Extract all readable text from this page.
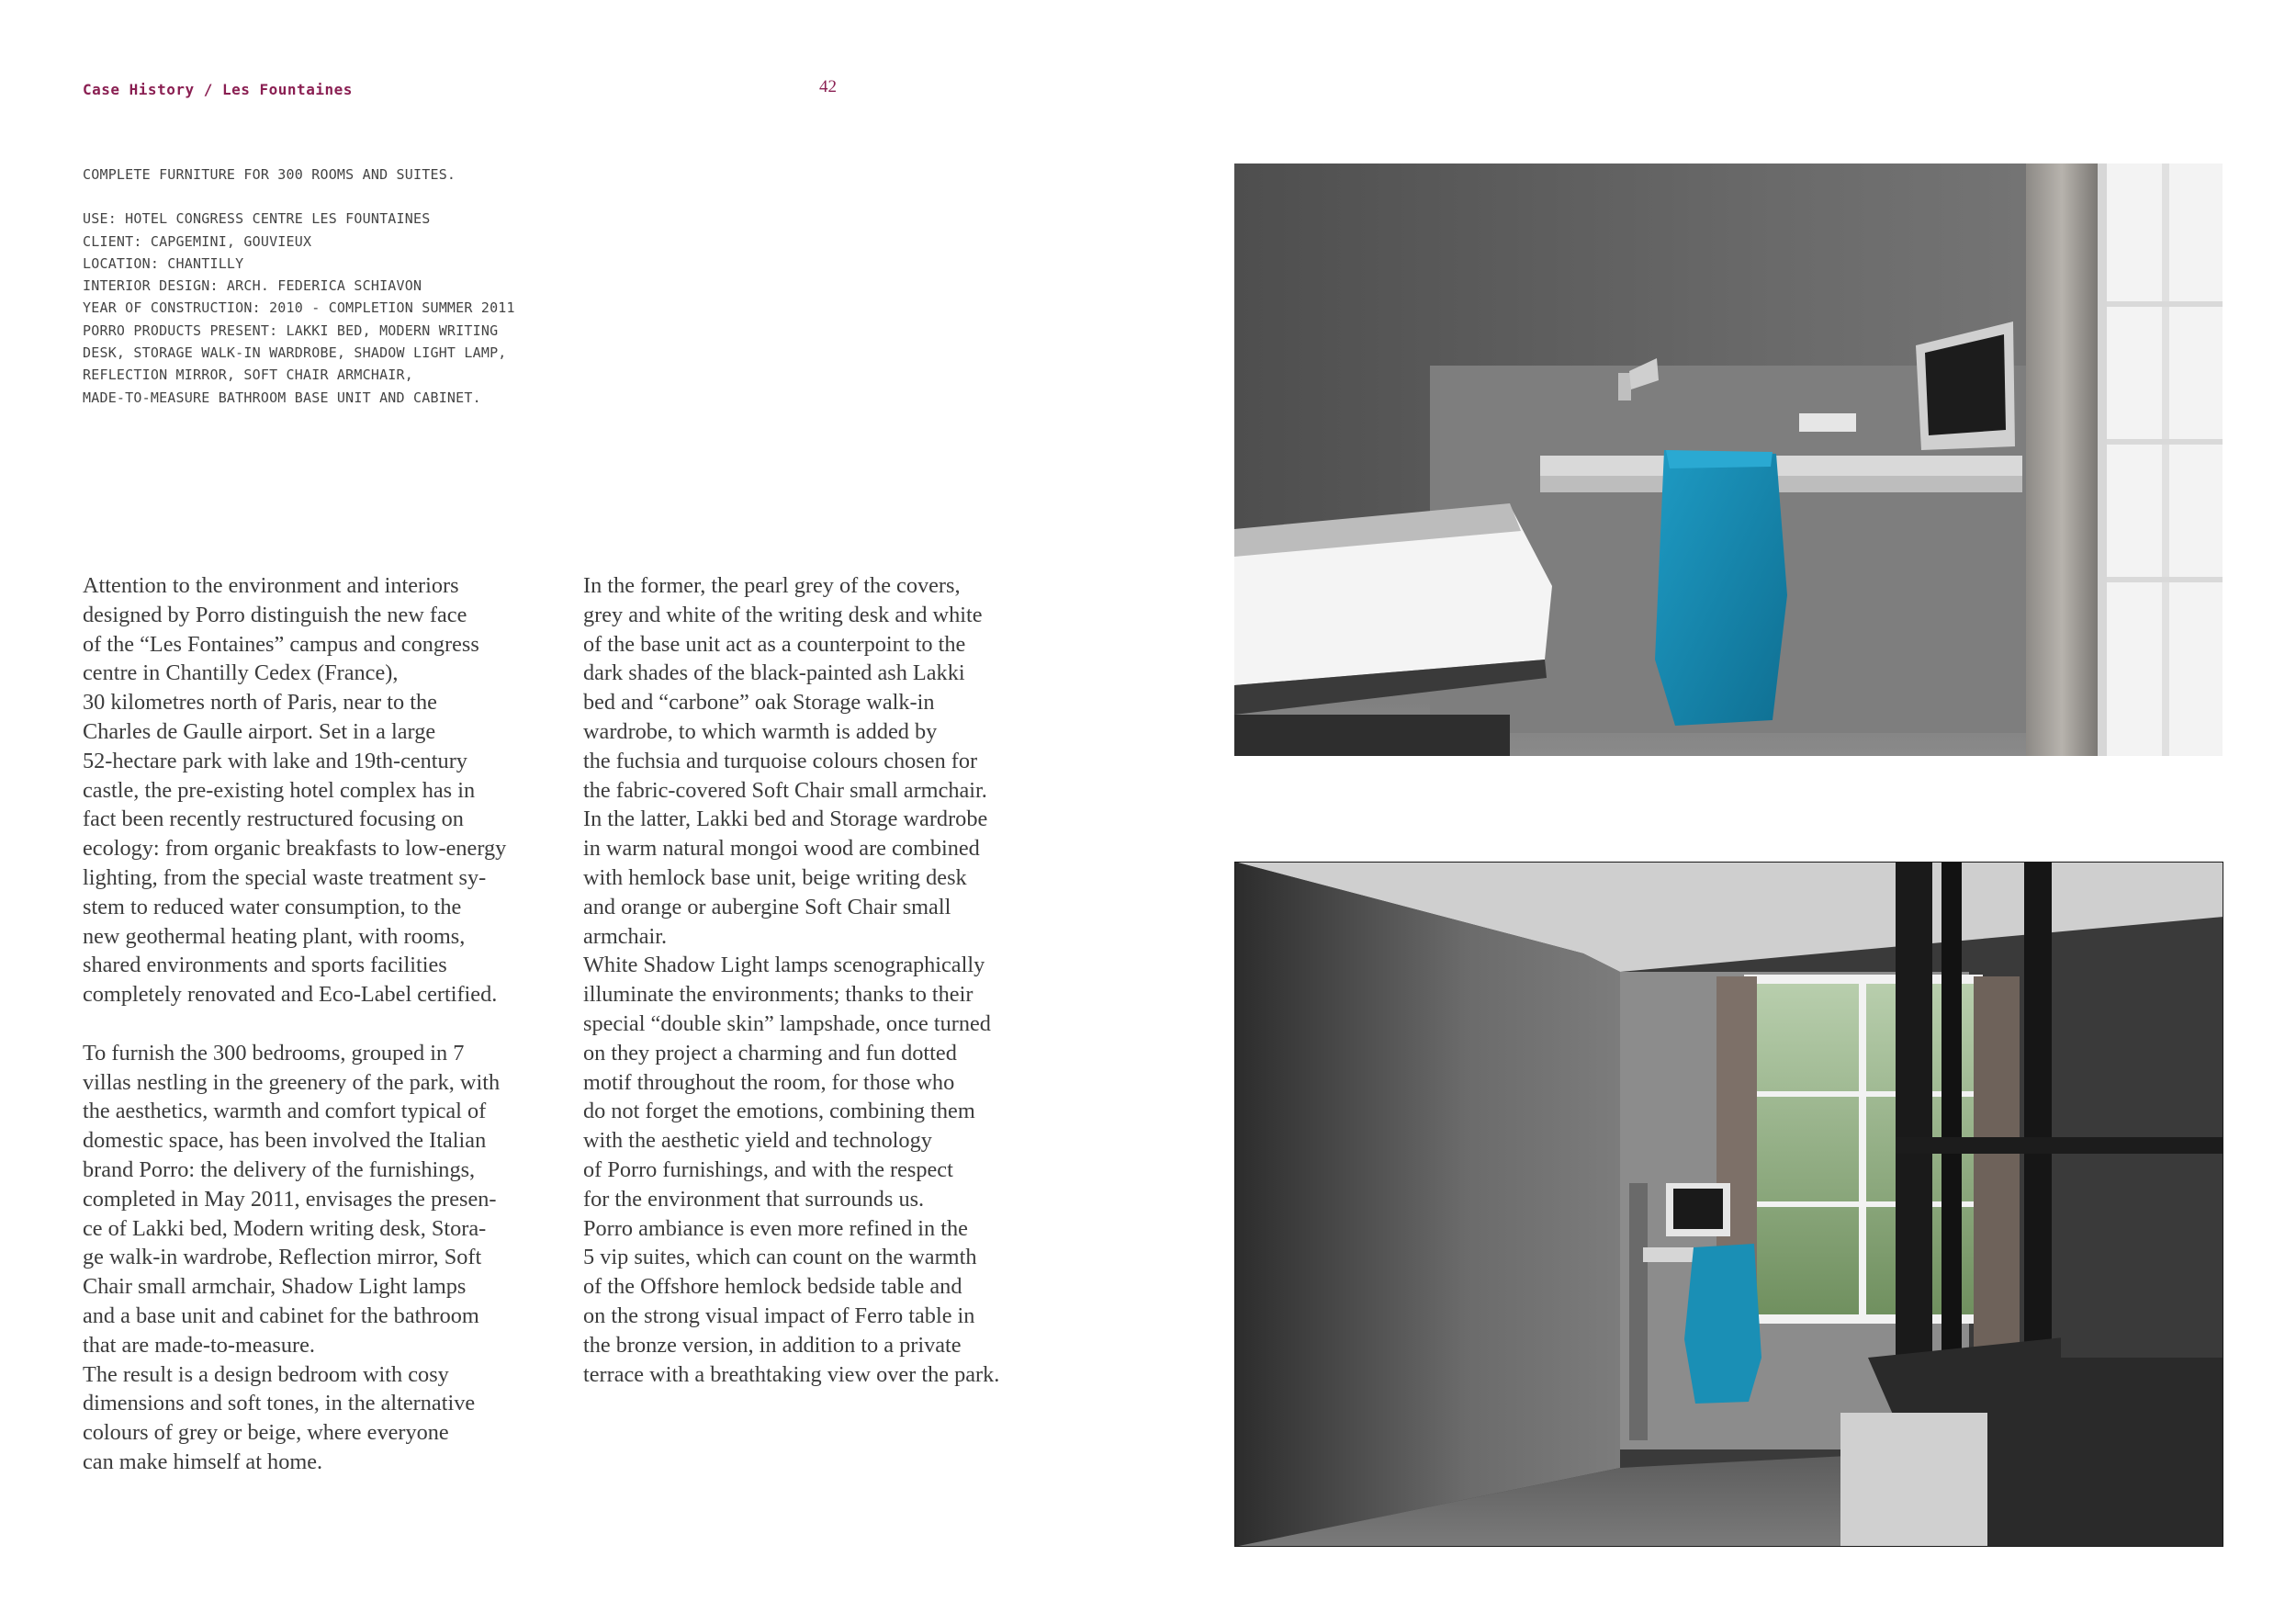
Case History / Les Fountaines	42
COMPLETE FURNITURE FOR 300 ROOMS AND SUITES.
USE: HOTEL CONGRESS CENTRE LES FOUNTAINES
CLIENT: CAPGEMINI, GOUVIEUX
LOCATION: CHANTILLY
INTERIOR DESIGN: ARCH. FEDERICA SCHIAVON
YEAR OF CONSTRUCTION: 2010 - COMPLETION SUMMER 2011
PORRO PRODUCTS PRESENT: LAKKI BED, MODERN WRITING
DESK, STORAGE WALK-IN WARDROBE, SHADOW LIGHT LAMP,
REFLECTION MIRROR, SOFT CHAIR ARMCHAIR,
MADE-TO-MEASURE BATHROOM BASE UNIT AND CABINET.
Attention to the environment and interiors
designed by Porro distinguish the new face
of the “Les Fontaines” campus and congress
centre in Chantilly Cedex (France),
30 kilometres north of Paris, near to the
Charles de Gaulle airport. Set in a large
52-hectare park with lake and 19th-century
castle, the pre-existing hotel complex has in
fact been recently restructured focusing on
ecology: from organic breakfasts to low-energy
lighting, from the special waste treatment sy-
stem to reduced water consumption, to the
new geothermal heating plant, with rooms,
shared environments and sports facilities
completely renovated and Eco-Label certified.
To furnish the 300 bedrooms, grouped in 7
villas nestling in the greenery of the park, with
the aesthetics, warmth and comfort typical of
domestic space, has been involved the Italian
brand Porro: the delivery of the furnishings,
completed in May 2011, envisages the presen-
ce of Lakki bed, Modern writing desk, Stora-
ge walk-in wardrobe, Reflection mirror, Soft
Chair small armchair, Shadow Light lamps
and a base unit and cabinet for the bathroom
that are made-to-measure.
The result is a design bedroom with cosy
dimensions and soft tones, in the alternative
colours of grey or beige, where everyone
can make himself at home.
In the former, the pearl grey of the covers,
grey and white of the writing desk and white
of the base unit act as a counterpoint to the
dark shades of the black-painted ash Lakki
bed and “carbone” oak Storage walk-in
wardrobe, to which warmth is added by
the fuchsia and turquoise colours chosen for
the fabric-covered Soft Chair small armchair.
In the latter, Lakki bed and Storage wardrobe
in warm natural mongoi wood are combined
with hemlock base unit, beige writing desk
and orange or aubergine Soft Chair small
armchair.
White Shadow Light lamps scenographically
illuminate the environments; thanks to their
special “double skin” lampshade, once turned
on they project a charming and fun dotted
motif throughout the room, for those who
do not forget the emotions, combining them
with the aesthetic yield and technology
of Porro furnishings, and with the respect
for the environment that surrounds us.
Porro ambiance is even more refined in the
5 vip suites, which can count on the warmth
of the Offshore hemlock bedside table and
on the strong visual impact of Ferro table in
the bronze version, in addition to a private
terrace with a breathtaking view over the park.
